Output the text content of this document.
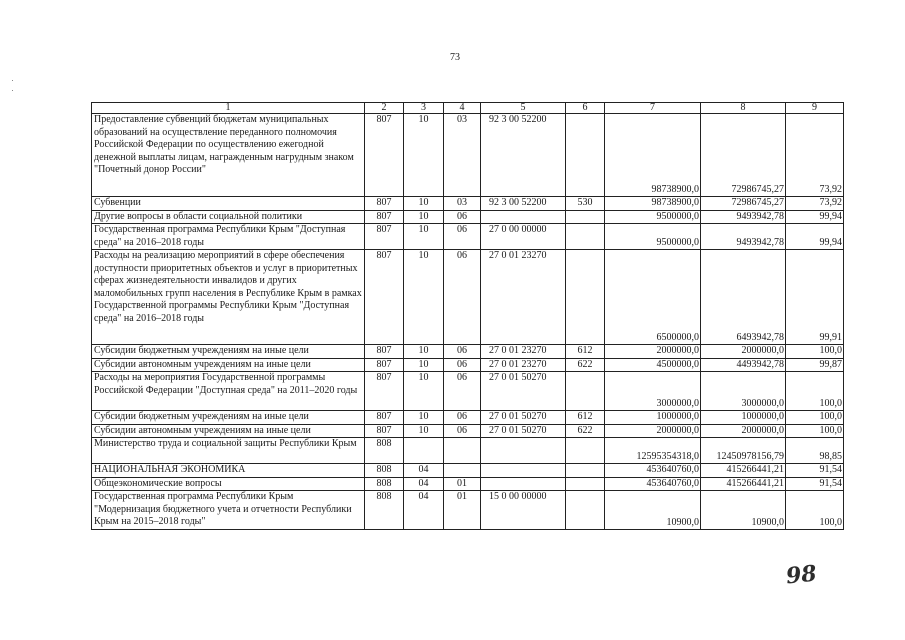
73
1	2	3	4	5	6	7	8	9
Предоставление субвенций бюджетам муниципальных образований на осуществление переданного полномочия Российской Федерации по осуществлению ежегодной денежной выплаты лицам, награжденным нагрудным знаком "Почетный донор России"	807	10	03	92 3 00 52200		98738900,0	72986745,27	73,92
Субвенции	807	10	03	92 3 00 52200	530	98738900,0	72986745,27	73,92
Другие вопросы в области социальной политики	807	10	06			9500000,0	9493942,78	99,94
Государственная программа Республики Крым "Доступная среда" на 2016–2018 годы	807	10	06	27 0 00 00000		9500000,0	9493942,78	99,94
Расходы на реализацию мероприятий в сфере обеспечения доступности приоритетных объектов и услуг в приоритетных сферах жизнедеятельности инвалидов и других маломобильных групп населения в Республике Крым в рамках Государственной программы Республики Крым "Доступная среда" на 2016–2018 годы	807	10	06	27 0 01 23270		6500000,0	6493942,78	99,91
Субсидии бюджетным учреждениям на иные цели	807	10	06	27 0 01 23270	612	2000000,0	2000000,0	100,0
Субсидии автономным учреждениям на иные цели	807	10	06	27 0 01 23270	622	4500000,0	4493942,78	99,87
Расходы на мероприятия Государственной программы Российской Федерации "Доступная среда" на 2011–2020 годы	807	10	06	27 0 01 50270		3000000,0	3000000,0	100,0
Субсидии бюджетным учреждениям на иные цели	807	10	06	27 0 01 50270	612	1000000,0	1000000,0	100,0
Субсидии автономным учреждениям на иные цели	807	10	06	27 0 01 50270	622	2000000,0	2000000,0	100,0
Министерство труда и социальной защиты Республики Крым	808					12595354318,0	12450978156,79	98,85
НАЦИОНАЛЬНАЯ ЭКОНОМИКА	808	04				453640760,0	415266441,21	91,54
Общеэкономические вопросы	808	04	01			453640760,0	415266441,21	91,54
Государственная программа Республики Крым "Модернизация бюджетного учета и отчетности Республики Крым на 2015–2018 годы"	808	04	01	15 0 00 00000		10900,0	10900,0	100,0
98
